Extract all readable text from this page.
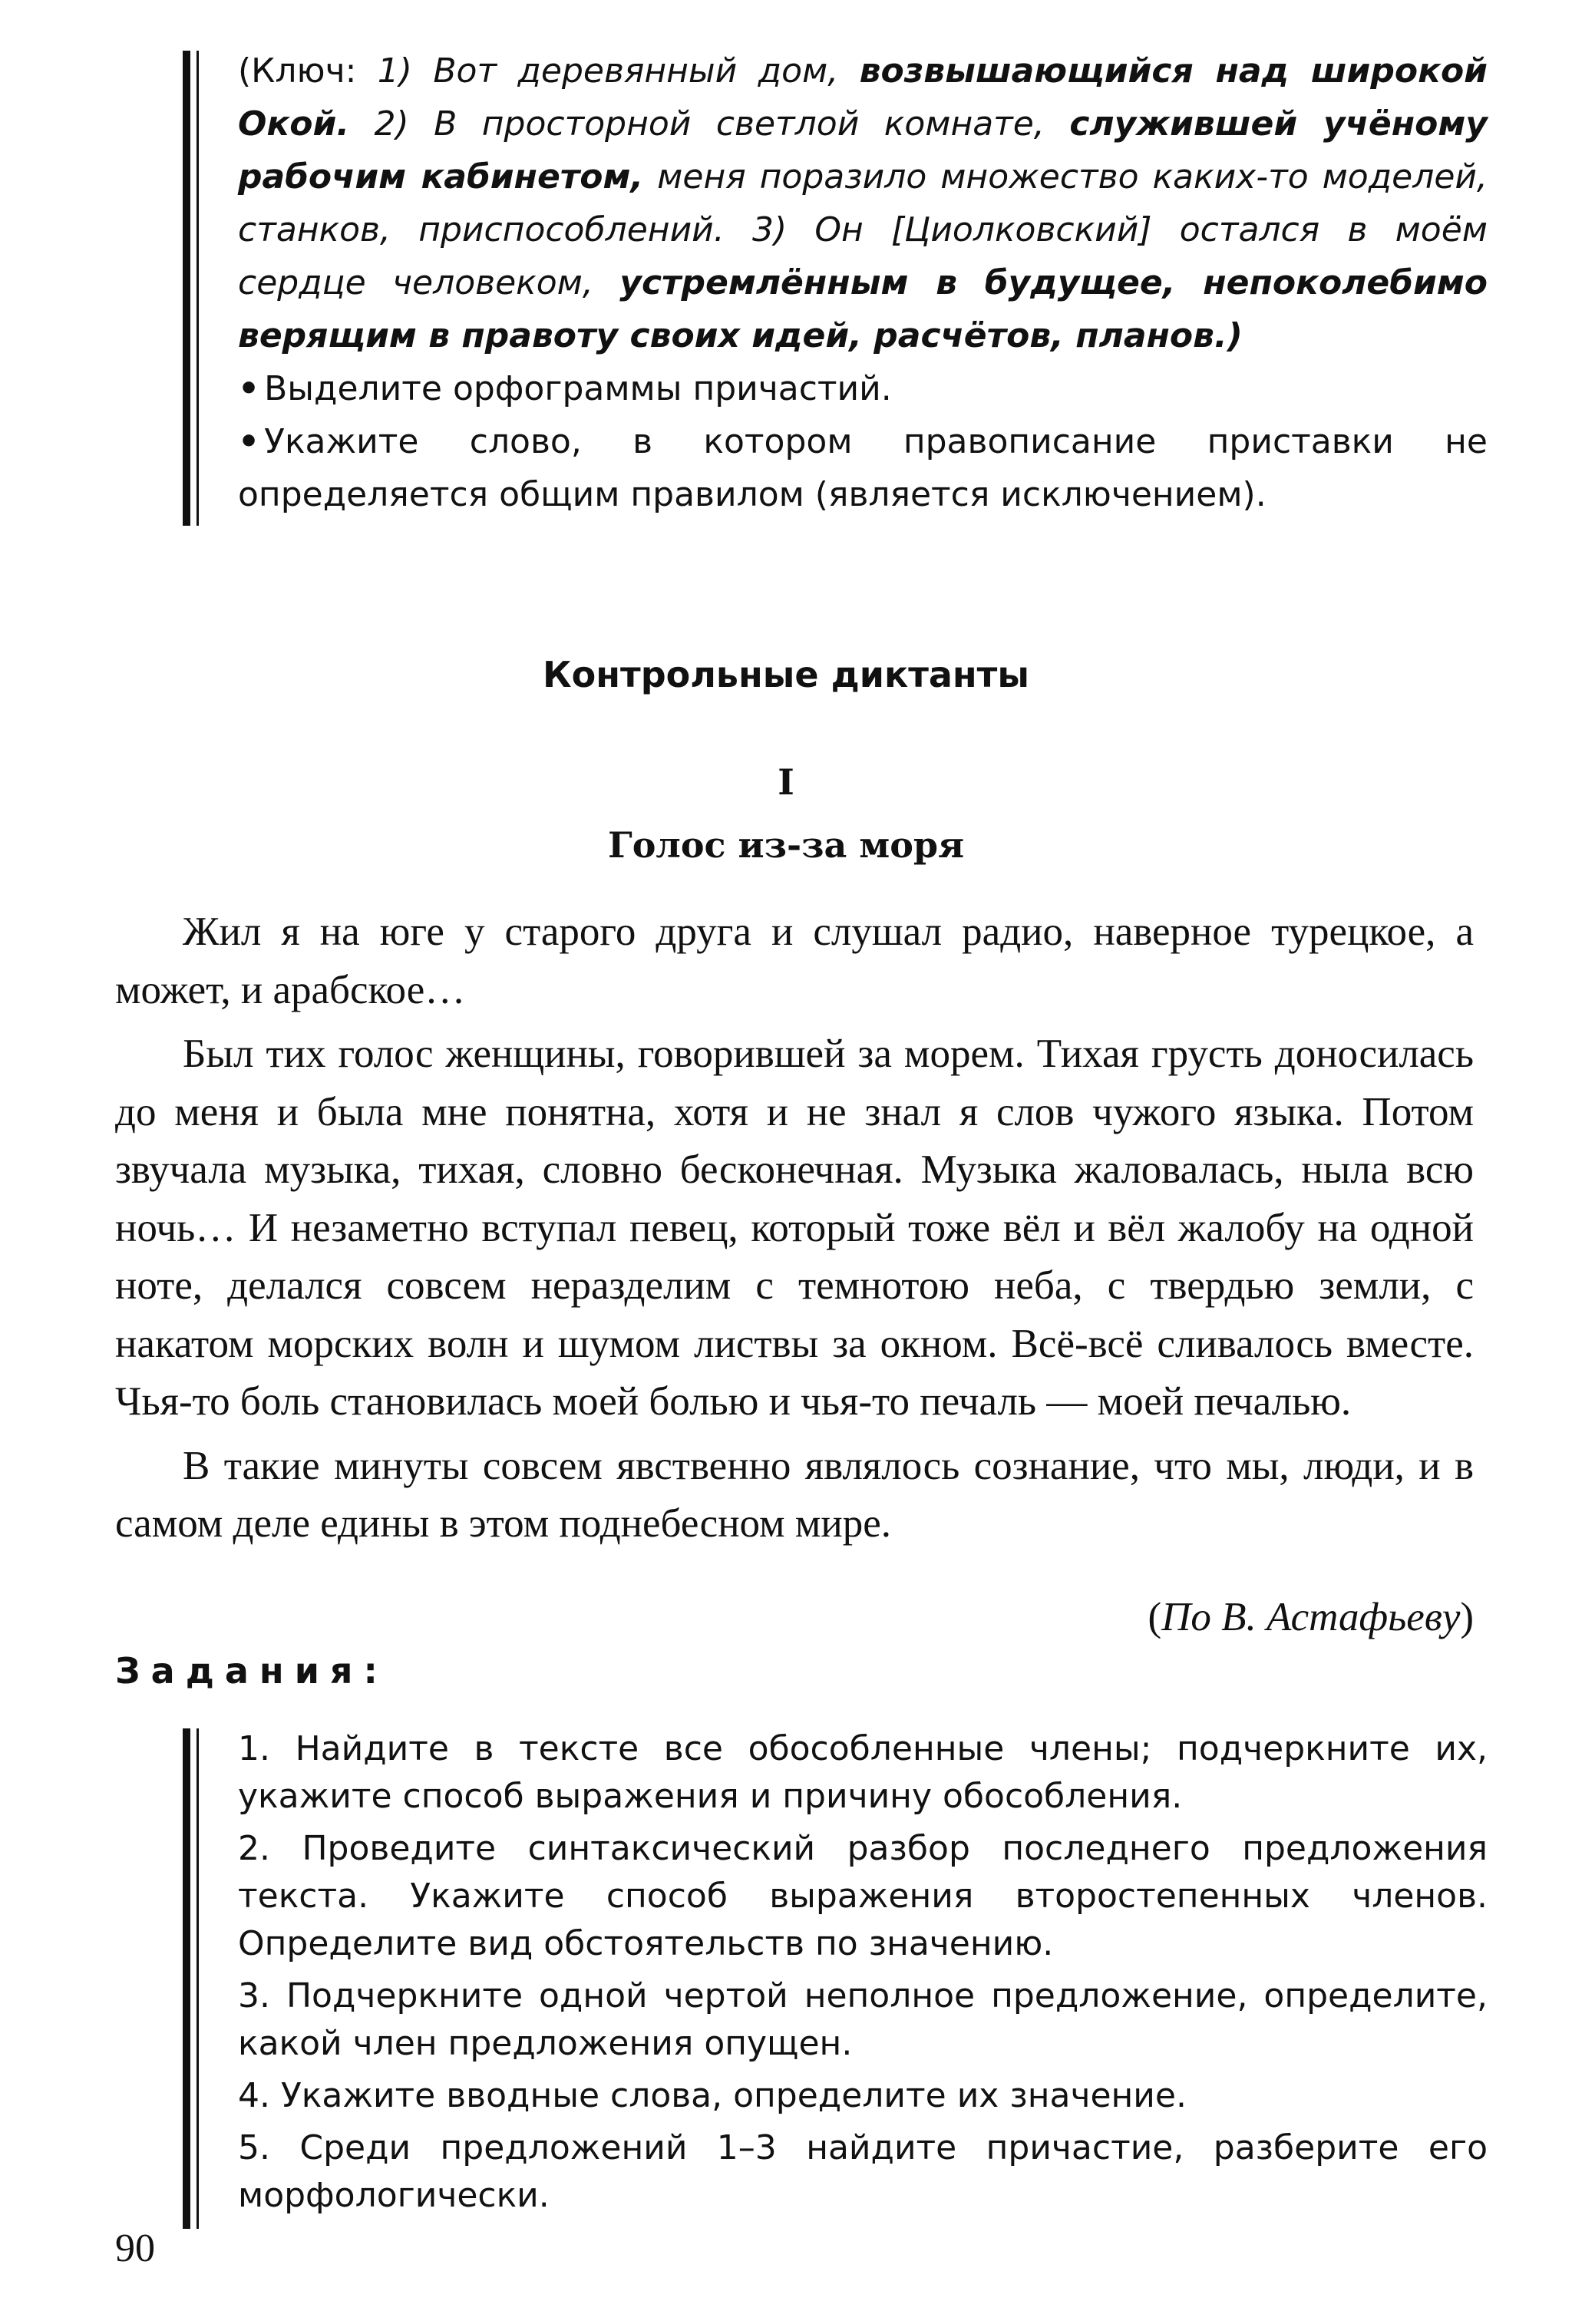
(Ключ: 1) Вот деревянный дом, возвышающийся над широкой Окой. 2) В просторной светлой комнате, служившей учёному рабочим кабинетом, меня поразило множество каких-то моделей, станков, приспособлений. 3) Он [Циолковский] остался в моём сердце человеком, устремлённым в будущее, непоколебимо верящим в правоту своих идей, расчётов, планов.)
• Выделите орфограммы причастий.
• Укажите слово, в котором правописание приставки не определяется общим правилом (является исключением).
Контрольные диктанты
I
Голос из-за моря

Жил я на юге у старого друга и слушал радио, наверное турецкое, а может, и арабское…

Был тих голос женщины, говорившей за морем. Тихая грусть доносилась до меня и была мне понятна, хотя и не знал я слов чужого языка. Потом звучала музыка, тихая, словно бесконечная. Музыка жаловалась, ныла всю ночь… И незаметно вступал певец, который тоже вёл и вёл жалобу на одной ноте, делался совсем неразделим с темнотою неба, с твердью земли, с накатом морских волн и шумом листвы за окном. Всё-всё сливалось вместе. Чья-то боль становилась моей болью и чья-то печаль — моей печалью.

В такие минуты совсем явственно являлось сознание, что мы, люди, и в самом деле едины в этом поднебесном мире.

(По В. Астафьеву)
Задания:
1. Найдите в тексте все обособленные члены; подчеркните их, укажите способ выражения и причину обособления.
2. Проведите синтаксический разбор последнего предложения текста. Укажите способ выражения второстепенных членов. Определите вид обстоятельств по значению.
3. Подчеркните одной чертой неполное предложение, определите, какой член предложения опущен.
4. Укажите вводные слова, определите их значение.
5. Среди предложений 1–3 найдите причастие, разберите его морфологически.
90
